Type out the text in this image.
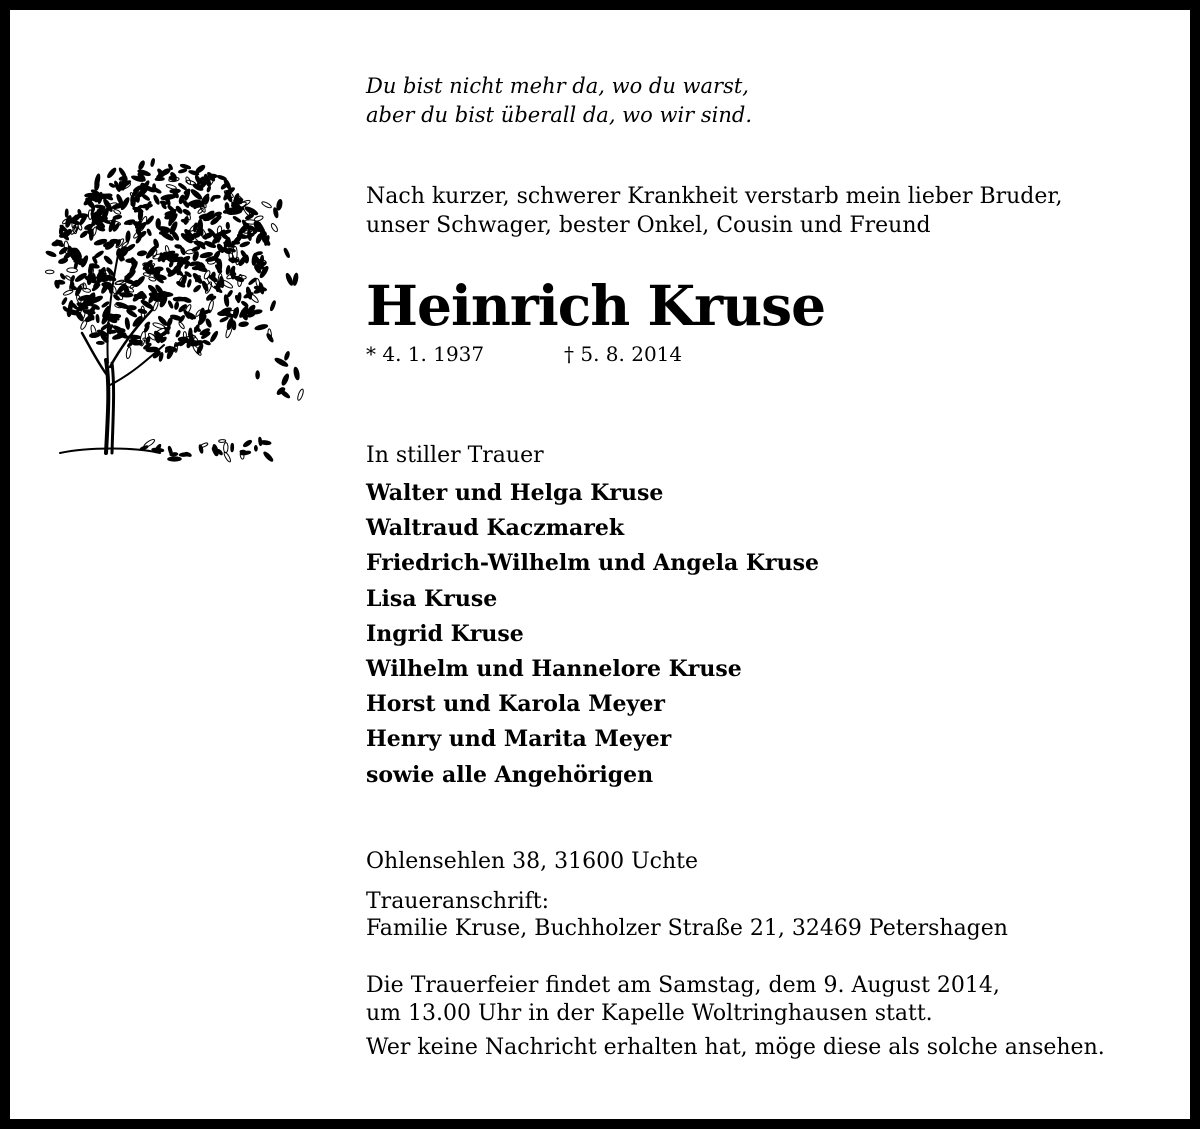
Du bist nicht mehr da, wo du warst,
aber du bist überall da, wo wir sind.
Nach kurzer, schwerer Krankheit verstarb mein lieber Bruder,
unser Schwager, bester Onkel, Cousin und Freund
Heinrich Kruse
* 4. 1. 1937	† 5. 8. 2014
In stiller Trauer
Walter und Helga Kruse
Waltraud Kaczmarek
Friedrich-Wilhelm und Angela Kruse
Lisa Kruse
Ingrid Kruse
Wilhelm und Hannelore Kruse
Horst und Karola Meyer
Henry und Marita Meyer
sowie alle Angehörigen
Ohlensehlen 38, 31600 Uchte
Traueranschrift:
Familie Kruse, Buchholzer Straße 21, 32469 Petershagen
Die Trauerfeier findet am Samstag, dem 9. August 2014,
um 13.00 Uhr in der Kapelle Woltringhausen statt.
Wer keine Nachricht erhalten hat, möge diese als solche ansehen.
